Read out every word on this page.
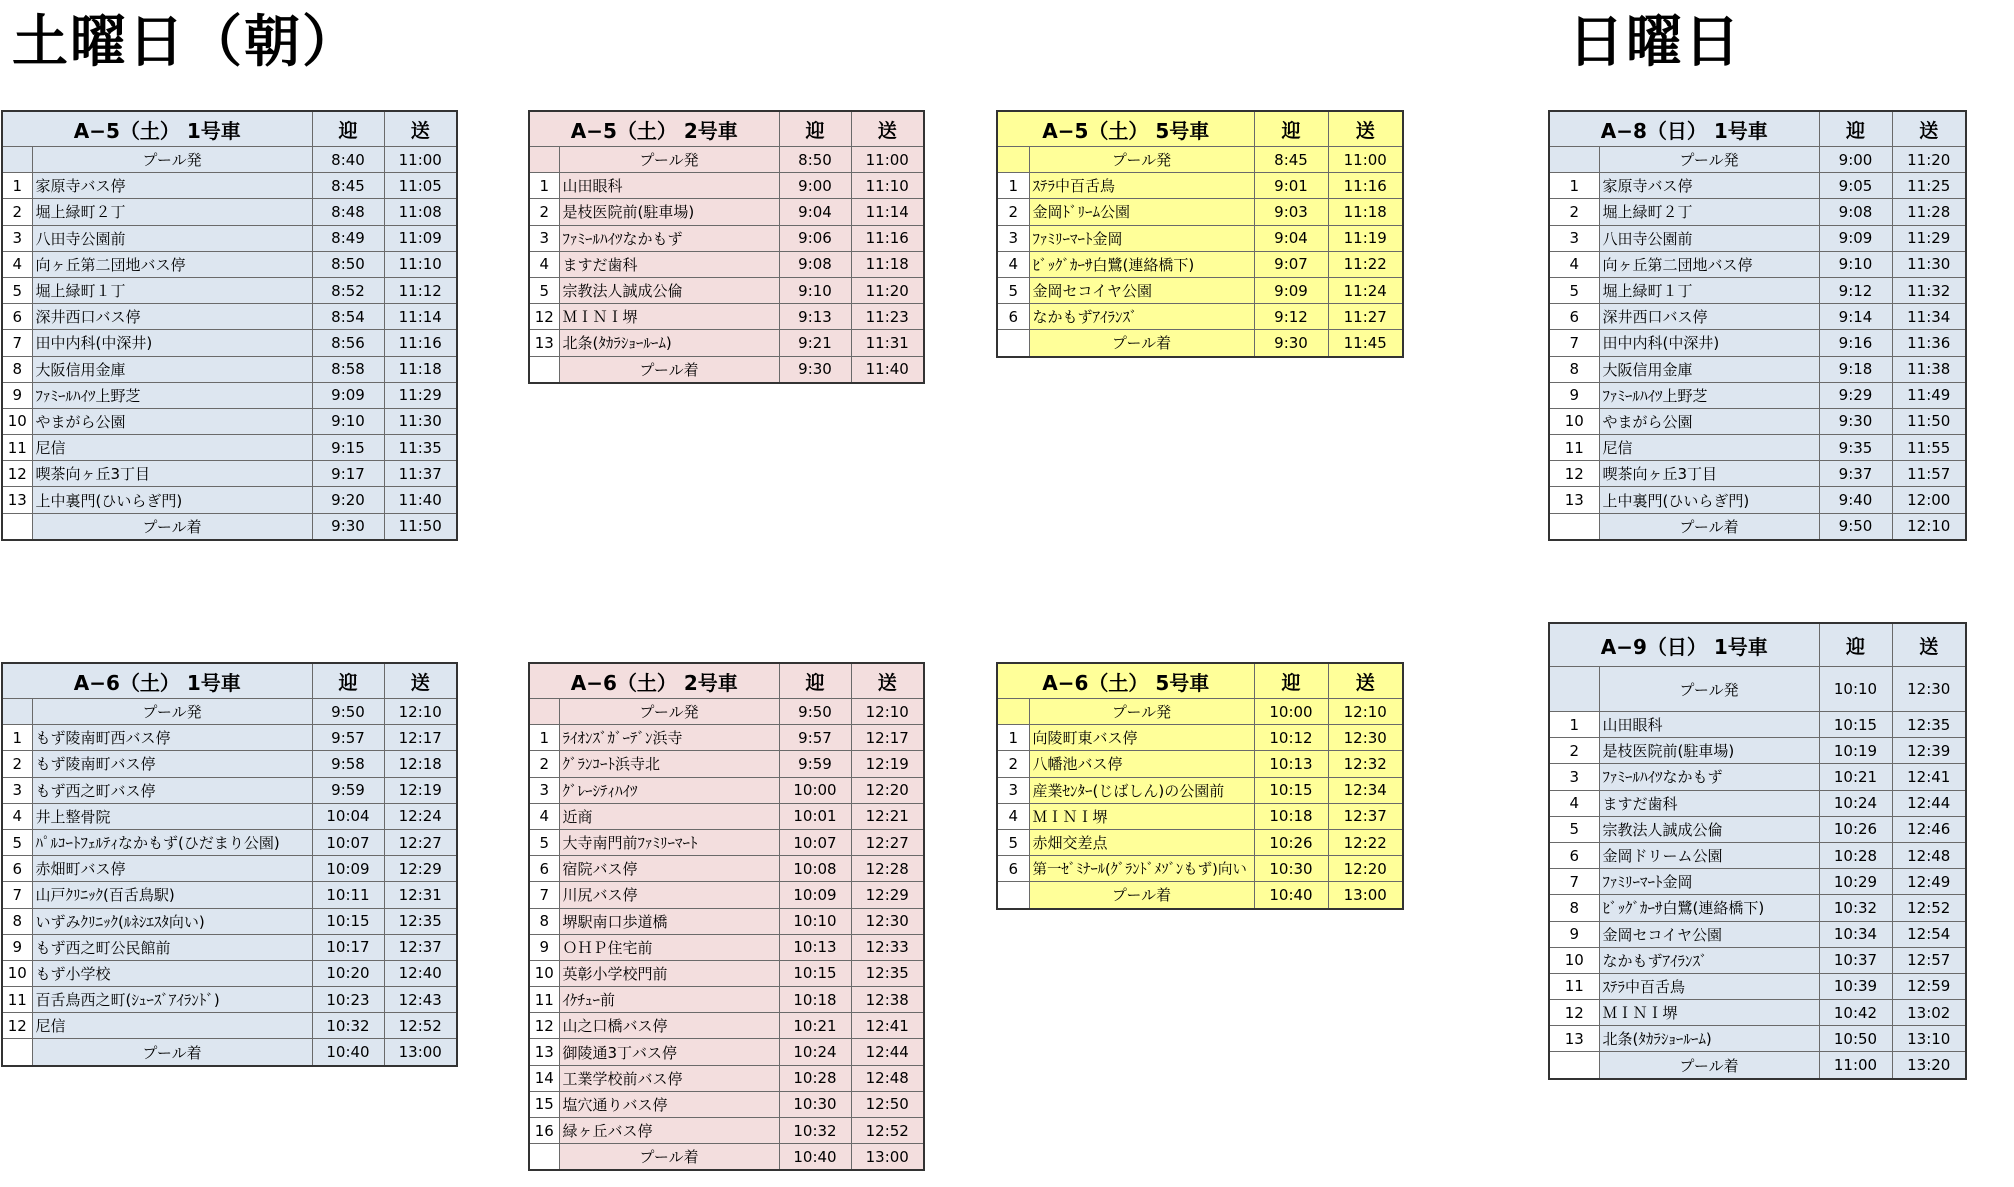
土曜日（朝）	日曜日
A−5（土） 1号車		迎	送
	プール発	8:40	11:00
1	家原寺バス停	8:45	11:05
2	堀上緑町２丁	8:48	11:08
3	八田寺公園前	8:49	11:09
4	向ヶ丘第二団地バス停	8:50	11:10
5	堀上緑町１丁	8:52	11:12
6	深井西口バス停	8:54	11:14
7	田中内科(中深井)	8:56	11:16
8	大阪信用金庫	8:58	11:18
9	ﾌｧﾐｰﾙﾊｲﾂ上野芝	9:09	11:29
10	やまがら公園	9:10	11:30
11	尼信	9:15	11:35
12	喫茶向ヶ丘3丁目	9:17	11:37
13	上中裏門(ひいらぎ門)	9:20	11:40
	プール着	9:30	11:50
A−5（土） 2号車		迎	送
	プール発	8:50	11:00
1	山田眼科	9:00	11:10
2	是枝医院前(駐車場)	9:04	11:14
3	ﾌｧﾐｰﾙﾊｲﾂなかもず	9:06	11:16
4	ますだ歯科	9:08	11:18
5	宗教法人誠成公倫	9:10	11:20
12	ＭＩＮＩ堺	9:13	11:23
13	北条(ﾀｶﾗｼｮｰﾙｰﾑ)	9:21	11:31
	プール着	9:30	11:40
A−5（土） 5号車		迎	送
	プール発	8:45	11:00
1	ｽﾃﾗ中百舌鳥	9:01	11:16
2	金岡ﾄﾞﾘｰﾑ公園	9:03	11:18
3	ﾌｧﾐﾘｰﾏｰﾄ金岡	9:04	11:19
4	ﾋﾞｯｸﾞｶｰｻ白鷺(連絡橋下)	9:07	11:22
5	金岡セコイヤ公園	9:09	11:24
6	なかもずｱｲﾗﾝｽﾞ	9:12	11:27
	プール着	9:30	11:45
A−8（日） 1号車		迎	送
	プール発	9:00	11:20
1	家原寺バス停	9:05	11:25
2	堀上緑町２丁	9:08	11:28
3	八田寺公園前	9:09	11:29
4	向ヶ丘第二団地バス停	9:10	11:30
5	堀上緑町１丁	9:12	11:32
6	深井西口バス停	9:14	11:34
7	田中内科(中深井)	9:16	11:36
8	大阪信用金庫	9:18	11:38
9	ﾌｧﾐｰﾙﾊｲﾂ上野芝	9:29	11:49
10	やまがら公園	9:30	11:50
11	尼信	9:35	11:55
12	喫茶向ヶ丘3丁目	9:37	11:57
13	上中裏門(ひいらぎ門)	9:40	12:00
	プール着	9:50	12:10
A−6（土） 1号車		迎	送
	プール発	9:50	12:10
1	もず陵南町西バス停	9:57	12:17
2	もず陵南町バス停	9:58	12:18
3	もず西之町バス停	9:59	12:19
4	井上整骨院	10:04	12:24
5	ﾊﾟﾙｺｰﾄﾌｪﾙﾃｨなかもず(ひだまり公園)	10:07	12:27
6	赤畑町バス停	10:09	12:29
7	山戸ｸﾘﾆｯｸ(百舌鳥駅)	10:11	12:31
8	いずみｸﾘﾆｯｸ(ﾙﾈｼｴｽﾀ向い)	10:15	12:35
9	もず西之町公民館前	10:17	12:37
10	もず小学校	10:20	12:40
11	百舌鳥西之町(ｼｭｰｽﾞｱｲﾗﾝﾄﾞ)	10:23	12:43
12	尼信	10:32	12:52
	プール着	10:40	13:00
A−6（土） 2号車		迎	送
	プール発	9:50	12:10
1	ﾗｲｵﾝｽﾞｶﾞｰﾃﾞﾝ浜寺	9:57	12:17
2	ｸﾞﾗﾝｺｰﾄ浜寺北	9:59	12:19
3	ｸﾞﾚｰｼﾃｨﾊｲﾂ	10:00	12:20
4	近商	10:01	12:21
5	大寺南門前ﾌｧﾐﾘｰﾏｰﾄ	10:07	12:27
6	宿院バス停	10:08	12:28
7	川尻バス停	10:09	12:29
8	堺駅南口歩道橋	10:10	12:30
9	ＯＨＰ住宅前	10:13	12:33
10	英彰小学校門前	10:15	12:35
11	ｲｹﾁｭｰ前	10:18	12:38
12	山之口橋バス停	10:21	12:41
13	御陵通3丁バス停	10:24	12:44
14	工業学校前バス停	10:28	12:48
15	塩穴通りバス停	10:30	12:50
16	緑ヶ丘バス停	10:32	12:52
	プール着	10:40	13:00
A−6（土） 5号車		迎	送
	プール発	10:00	12:10
1	向陵町東バス停	10:12	12:30
2	八幡池バス停	10:13	12:32
3	産業ｾﾝﾀｰ(じばしん)の公園前	10:15	12:34
4	ＭＩＮＩ堺	10:18	12:37
5	赤畑交差点	10:26	12:22
6	第一ｾﾞﾐﾅｰﾙ(ｸﾞﾗﾝﾄﾞﾒｿﾞﾝもず)向い	10:30	12:20
	プール着	10:40	13:00
A−9（日） 1号車		迎	送
	プール発	10:10	12:30
1	山田眼科	10:15	12:35
2	是枝医院前(駐車場)	10:19	12:39
3	ﾌｧﾐｰﾙﾊｲﾂなかもず	10:21	12:41
4	ますだ歯科	10:24	12:44
5	宗教法人誠成公倫	10:26	12:46
6	金岡ドリーム公園	10:28	12:48
7	ﾌｧﾐﾘｰﾏｰﾄ金岡	10:29	12:49
8	ﾋﾞｯｸﾞｶｰｻ白鷺(連絡橋下)	10:32	12:52
9	金岡セコイヤ公園	10:34	12:54
10	なかもずｱｲﾗﾝｽﾞ	10:37	12:57
11	ｽﾃﾗ中百舌鳥	10:39	12:59
12	ＭＩＮＩ堺	10:42	13:02
13	北条(ﾀｶﾗｼｮｰﾙｰﾑ)	10:50	13:10
	プール着	11:00	13:20
